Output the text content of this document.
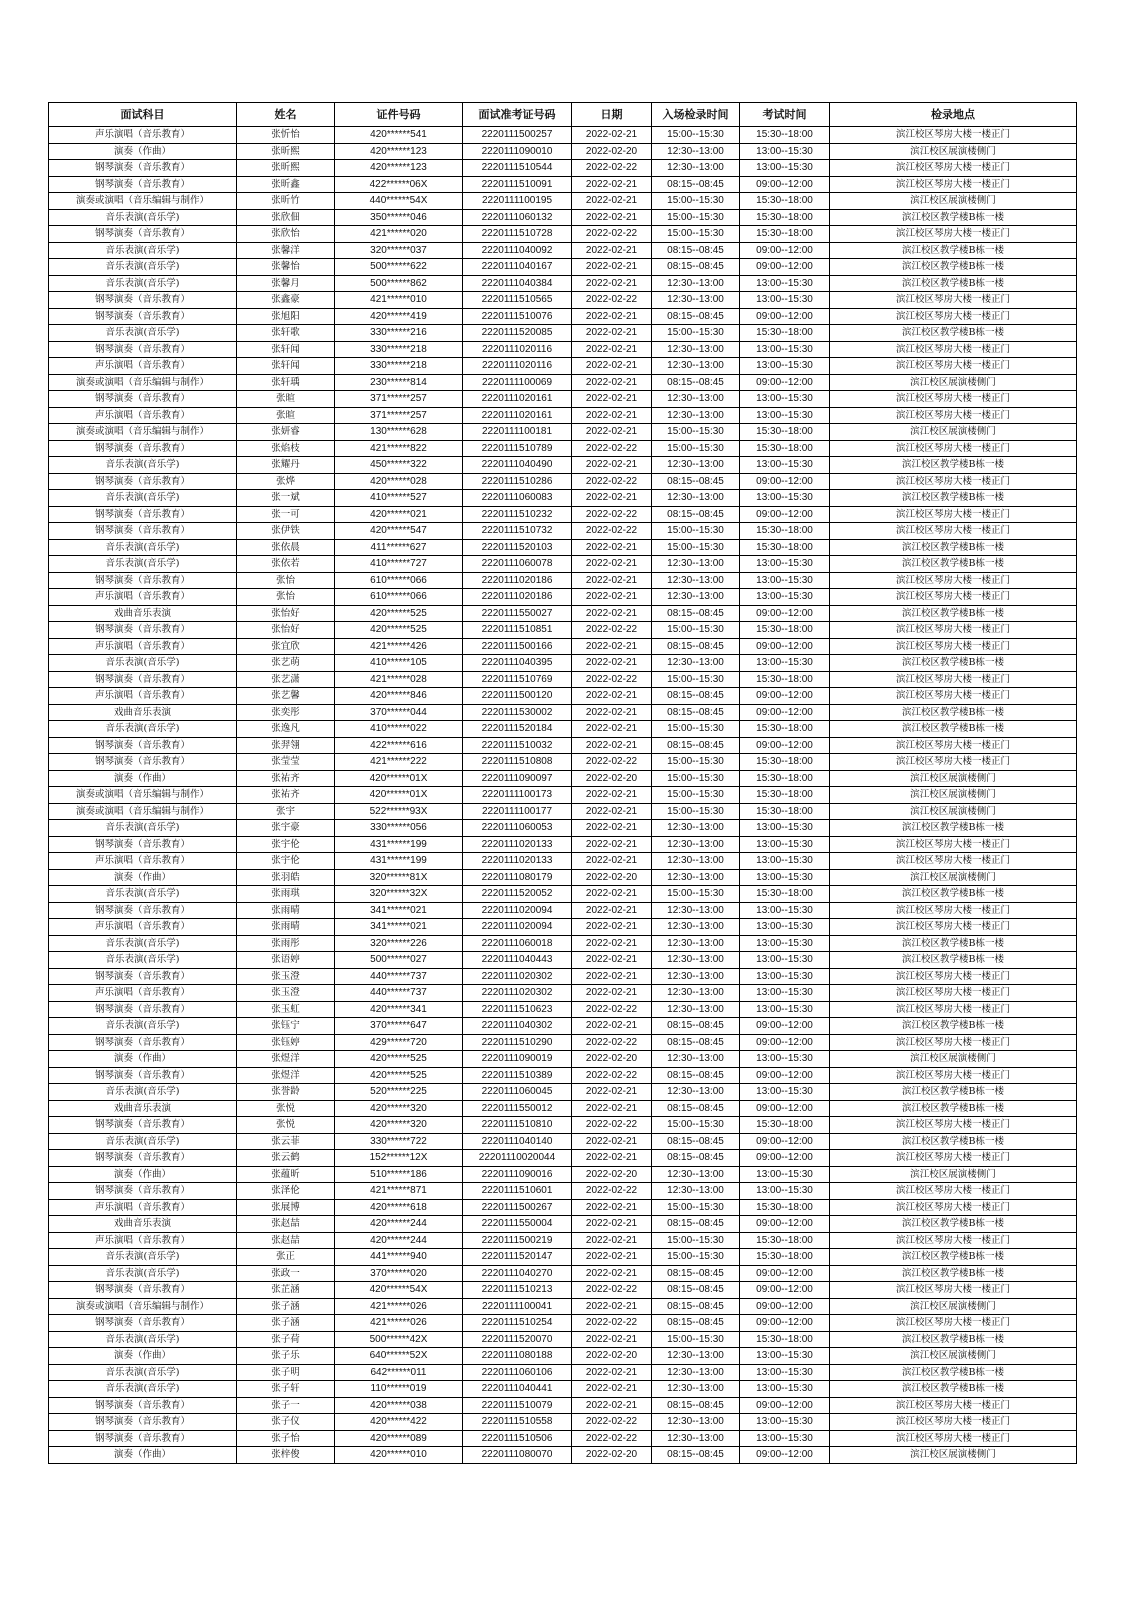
面试科目	姓名	证件号码	面试准考证号码	日期	入场检录时间	考试时间	检录地点
声乐演唱（音乐教育）	张忻怡	420******541	2220111500257	2022-02-21	15:00--15:30	15:30--18:00	滨江校区琴房大楼一楼正门
演奏（作曲）	张昕熙	420******123	2220111090010	2022-02-20	12:30--13:00	13:00--15:30	滨江校区展演楼侧门
钢琴演奏（音乐教育）	张昕熙	420******123	2220111510544	2022-02-22	12:30--13:00	13:00--15:30	滨江校区琴房大楼一楼正门
钢琴演奏（音乐教育）	张昕鑫	422******06X	2220111510091	2022-02-21	08:15--08:45	09:00--12:00	滨江校区琴房大楼一楼正门
演奏或演唱（音乐编辑与制作）	张昕竹	440******54X	2220111100195	2022-02-21	15:00--15:30	15:30--18:00	滨江校区展演楼侧门
音乐表演(音乐学)	张欣佃	350******046	2220111060132	2022-02-21	15:00--15:30	15:30--18:00	滨江校区教学楼B栋一楼
钢琴演奏（音乐教育）	张欣怡	421******020	2220111510728	2022-02-22	15:00--15:30	15:30--18:00	滨江校区琴房大楼一楼正门
音乐表演(音乐学)	张馨洋	320******037	2220111040092	2022-02-21	08:15--08:45	09:00--12:00	滨江校区教学楼B栋一楼
音乐表演(音乐学)	张馨怡	500******622	2220111040167	2022-02-21	08:15--08:45	09:00--12:00	滨江校区教学楼B栋一楼
音乐表演(音乐学)	张馨月	500******862	2220111040384	2022-02-21	12:30--13:00	13:00--15:30	滨江校区教学楼B栋一楼
钢琴演奏（音乐教育）	张鑫豪	421******010	2220111510565	2022-02-22	12:30--13:00	13:00--15:30	滨江校区琴房大楼一楼正门
钢琴演奏（音乐教育）	张旭阳	420******419	2220111510076	2022-02-21	08:15--08:45	09:00--12:00	滨江校区琴房大楼一楼正门
音乐表演(音乐学)	张轩歌	330******216	2220111520085	2022-02-21	15:00--15:30	15:30--18:00	滨江校区教学楼B栋一楼
钢琴演奏（音乐教育）	张轩闻	330******218	2220111020116	2022-02-21	12:30--13:00	13:00--15:30	滨江校区琴房大楼一楼正门
声乐演唱（音乐教育）	张轩闻	330******218	2220111020116	2022-02-21	12:30--13:00	13:00--15:30	滨江校区琴房大楼一楼正门
演奏或演唱（音乐编辑与制作）	张轩瑀	230******814	2220111100069	2022-02-21	08:15--08:45	09:00--12:00	滨江校区展演楼侧门
钢琴演奏（音乐教育）	张暄	371******257	2220111020161	2022-02-21	12:30--13:00	13:00--15:30	滨江校区琴房大楼一楼正门
声乐演唱（音乐教育）	张暄	371******257	2220111020161	2022-02-21	12:30--13:00	13:00--15:30	滨江校区琴房大楼一楼正门
演奏或演唱（音乐编辑与制作）	张妍睿	130******628	2220111100181	2022-02-21	15:00--15:30	15:30--18:00	滨江校区展演楼侧门
钢琴演奏（音乐教育）	张焰枝	421******822	2220111510789	2022-02-22	15:00--15:30	15:30--18:00	滨江校区琴房大楼一楼正门
音乐表演(音乐学)	张耀丹	450******322	2220111040490	2022-02-21	12:30--13:00	13:00--15:30	滨江校区教学楼B栋一楼
钢琴演奏（音乐教育）	张烨	420******028	2220111510286	2022-02-22	08:15--08:45	09:00--12:00	滨江校区琴房大楼一楼正门
音乐表演(音乐学)	张一斌	410******527	2220111060083	2022-02-21	12:30--13:00	13:00--15:30	滨江校区教学楼B栋一楼
钢琴演奏（音乐教育）	张一可	420******021	2220111510232	2022-02-22	08:15--08:45	09:00--12:00	滨江校区琴房大楼一楼正门
钢琴演奏（音乐教育）	张伊铁	420******547	2220111510732	2022-02-22	15:00--15:30	15:30--18:00	滨江校区琴房大楼一楼正门
音乐表演(音乐学)	张依晨	411******627	2220111520103	2022-02-21	15:00--15:30	15:30--18:00	滨江校区教学楼B栋一楼
音乐表演(音乐学)	张依若	410******727	2220111060078	2022-02-21	12:30--13:00	13:00--15:30	滨江校区教学楼B栋一楼
钢琴演奏（音乐教育）	张怡	610******066	2220111020186	2022-02-21	12:30--13:00	13:00--15:30	滨江校区琴房大楼一楼正门
声乐演唱（音乐教育）	张怡	610******066	2220111020186	2022-02-21	12:30--13:00	13:00--15:30	滨江校区琴房大楼一楼正门
戏曲音乐表演	张怡好	420******525	2220111550027	2022-02-21	08:15--08:45	09:00--12:00	滨江校区教学楼B栋一楼
钢琴演奏（音乐教育）	张怡好	420******525	2220111510851	2022-02-22	15:00--15:30	15:30--18:00	滨江校区琴房大楼一楼正门
声乐演唱（音乐教育）	张宜欣	421******426	2220111500166	2022-02-21	08:15--08:45	09:00--12:00	滨江校区琴房大楼一楼正门
音乐表演(音乐学)	张艺萌	410******105	2220111040395	2022-02-21	12:30--13:00	13:00--15:30	滨江校区教学楼B栋一楼
钢琴演奏（音乐教育）	张艺潇	421******028	2220111510769	2022-02-22	15:00--15:30	15:30--18:00	滨江校区琴房大楼一楼正门
声乐演唱（音乐教育）	张艺馨	420******846	2220111500120	2022-02-21	08:15--08:45	09:00--12:00	滨江校区琴房大楼一楼正门
戏曲音乐表演	张奕彤	370******044	2220111530002	2022-02-21	08:15--08:45	09:00--12:00	滨江校区教学楼B栋一楼
音乐表演(音乐学)	张逸凡	410******022	2220111520184	2022-02-21	15:00--15:30	15:30--18:00	滨江校区教学楼B栋一楼
钢琴演奏（音乐教育）	张羿翎	422******616	2220111510032	2022-02-21	08:15--08:45	09:00--12:00	滨江校区琴房大楼一楼正门
钢琴演奏（音乐教育）	张莹莹	421******222	2220111510808	2022-02-22	15:00--15:30	15:30--18:00	滨江校区琴房大楼一楼正门
演奏（作曲）	张祐齐	420******01X	2220111090097	2022-02-20	15:00--15:30	15:30--18:00	滨江校区展演楼侧门
演奏或演唱（音乐编辑与制作）	张祐齐	420******01X	2220111100173	2022-02-21	15:00--15:30	15:30--18:00	滨江校区展演楼侧门
演奏或演唱（音乐编辑与制作）	张宇	522******93X	2220111100177	2022-02-21	15:00--15:30	15:30--18:00	滨江校区展演楼侧门
音乐表演(音乐学)	张宇豪	330******056	2220111060053	2022-02-21	12:30--13:00	13:00--15:30	滨江校区教学楼B栋一楼
钢琴演奏（音乐教育）	张宇伦	431******199	2220111020133	2022-02-21	12:30--13:00	13:00--15:30	滨江校区琴房大楼一楼正门
声乐演唱（音乐教育）	张宇伦	431******199	2220111020133	2022-02-21	12:30--13:00	13:00--15:30	滨江校区琴房大楼一楼正门
演奏（作曲）	张羽皓	320******81X	2220111080179	2022-02-20	12:30--13:00	13:00--15:30	滨江校区展演楼侧门
音乐表演(音乐学)	张雨琪	320******32X	2220111520052	2022-02-21	15:00--15:30	15:30--18:00	滨江校区教学楼B栋一楼
钢琴演奏（音乐教育）	张雨晴	341******021	2220111020094	2022-02-21	12:30--13:00	13:00--15:30	滨江校区琴房大楼一楼正门
声乐演唱（音乐教育）	张雨晴	341******021	2220111020094	2022-02-21	12:30--13:00	13:00--15:30	滨江校区琴房大楼一楼正门
音乐表演(音乐学)	张雨彤	320******226	2220111060018	2022-02-21	12:30--13:00	13:00--15:30	滨江校区教学楼B栋一楼
音乐表演(音乐学)	张语婷	500******027	2220111040443	2022-02-21	12:30--13:00	13:00--15:30	滨江校区教学楼B栋一楼
钢琴演奏（音乐教育）	张玉澄	440******737	2220111020302	2022-02-21	12:30--13:00	13:00--15:30	滨江校区琴房大楼一楼正门
声乐演唱（音乐教育）	张玉澄	440******737	2220111020302	2022-02-21	12:30--13:00	13:00--15:30	滨江校区琴房大楼一楼正门
钢琴演奏（音乐教育）	张玉虹	420******341	2220111510623	2022-02-22	12:30--13:00	13:00--15:30	滨江校区琴房大楼一楼正门
音乐表演(音乐学)	张钰宁	370******647	2220111040302	2022-02-21	08:15--08:45	09:00--12:00	滨江校区教学楼B栋一楼
钢琴演奏（音乐教育）	张钰婷	429******720	2220111510290	2022-02-22	08:15--08:45	09:00--12:00	滨江校区琴房大楼一楼正门
演奏（作曲）	张煜洋	420******525	2220111090019	2022-02-20	12:30--13:00	13:00--15:30	滨江校区展演楼侧门
钢琴演奏（音乐教育）	张煜洋	420******525	2220111510389	2022-02-22	08:15--08:45	09:00--12:00	滨江校区琴房大楼一楼正门
音乐表演(音乐学)	张誉龄	520******225	2220111060045	2022-02-21	12:30--13:00	13:00--15:30	滨江校区教学楼B栋一楼
戏曲音乐表演	张悦	420******320	2220111550012	2022-02-21	08:15--08:45	09:00--12:00	滨江校区教学楼B栋一楼
钢琴演奏（音乐教育）	张悦	420******320	2220111510810	2022-02-22	15:00--15:30	15:30--18:00	滨江校区琴房大楼一楼正门
音乐表演(音乐学)	张云菲	330******722	2220111040140	2022-02-21	08:15--08:45	09:00--12:00	滨江校区教学楼B栋一楼
钢琴演奏（音乐教育）	张云鹤	152******12X	22201110020044	2022-02-21	08:15--08:45	09:00--12:00	滨江校区琴房大楼一楼正门
演奏（作曲）	张蕴昕	510******186	2220111090016	2022-02-20	12:30--13:00	13:00--15:30	滨江校区展演楼侧门
钢琴演奏（音乐教育）	张泽伦	421******871	2220111510601	2022-02-22	12:30--13:00	13:00--15:30	滨江校区琴房大楼一楼正门
声乐演唱（音乐教育）	张展博	420******618	2220111500267	2022-02-21	15:00--15:30	15:30--18:00	滨江校区琴房大楼一楼正门
戏曲音乐表演	张赵喆	420******244	2220111550004	2022-02-21	08:15--08:45	09:00--12:00	滨江校区教学楼B栋一楼
声乐演唱（音乐教育）	张赵喆	420******244	2220111500219	2022-02-21	15:00--15:30	15:30--18:00	滨江校区琴房大楼一楼正门
音乐表演(音乐学)	张正	441******940	2220111520147	2022-02-21	15:00--15:30	15:30--18:00	滨江校区教学楼B栋一楼
音乐表演(音乐学)	张政一	370******020	2220111040270	2022-02-21	08:15--08:45	09:00--12:00	滨江校区教学楼B栋一楼
钢琴演奏（音乐教育）	张芷涵	420******54X	2220111510213	2022-02-22	08:15--08:45	09:00--12:00	滨江校区琴房大楼一楼正门
演奏或演唱（音乐编辑与制作）	张子涵	421******026	2220111100041	2022-02-21	08:15--08:45	09:00--12:00	滨江校区展演楼侧门
钢琴演奏（音乐教育）	张子涵	421******026	2220111510254	2022-02-22	08:15--08:45	09:00--12:00	滨江校区琴房大楼一楼正门
音乐表演(音乐学)	张子荷	500******42X	2220111520070	2022-02-21	15:00--15:30	15:30--18:00	滨江校区教学楼B栋一楼
演奏（作曲）	张子乐	640******52X	2220111080188	2022-02-20	12:30--13:00	13:00--15:30	滨江校区展演楼侧门
音乐表演(音乐学)	张子明	642******011	2220111060106	2022-02-21	12:30--13:00	13:00--15:30	滨江校区教学楼B栋一楼
音乐表演(音乐学)	张子轩	110******019	2220111040441	2022-02-21	12:30--13:00	13:00--15:30	滨江校区教学楼B栋一楼
钢琴演奏（音乐教育）	张子一	420******038	2220111510079	2022-02-21	08:15--08:45	09:00--12:00	滨江校区琴房大楼一楼正门
钢琴演奏（音乐教育）	张子仪	420******422	2220111510558	2022-02-22	12:30--13:00	13:00--15:30	滨江校区琴房大楼一楼正门
钢琴演奏（音乐教育）	张子怡	420******089	2220111510506	2022-02-22	12:30--13:00	13:00--15:30	滨江校区琴房大楼一楼正门
演奏（作曲）	张梓俊	420******010	2220111080070	2022-02-20	08:15--08:45	09:00--12:00	滨江校区展演楼侧门
